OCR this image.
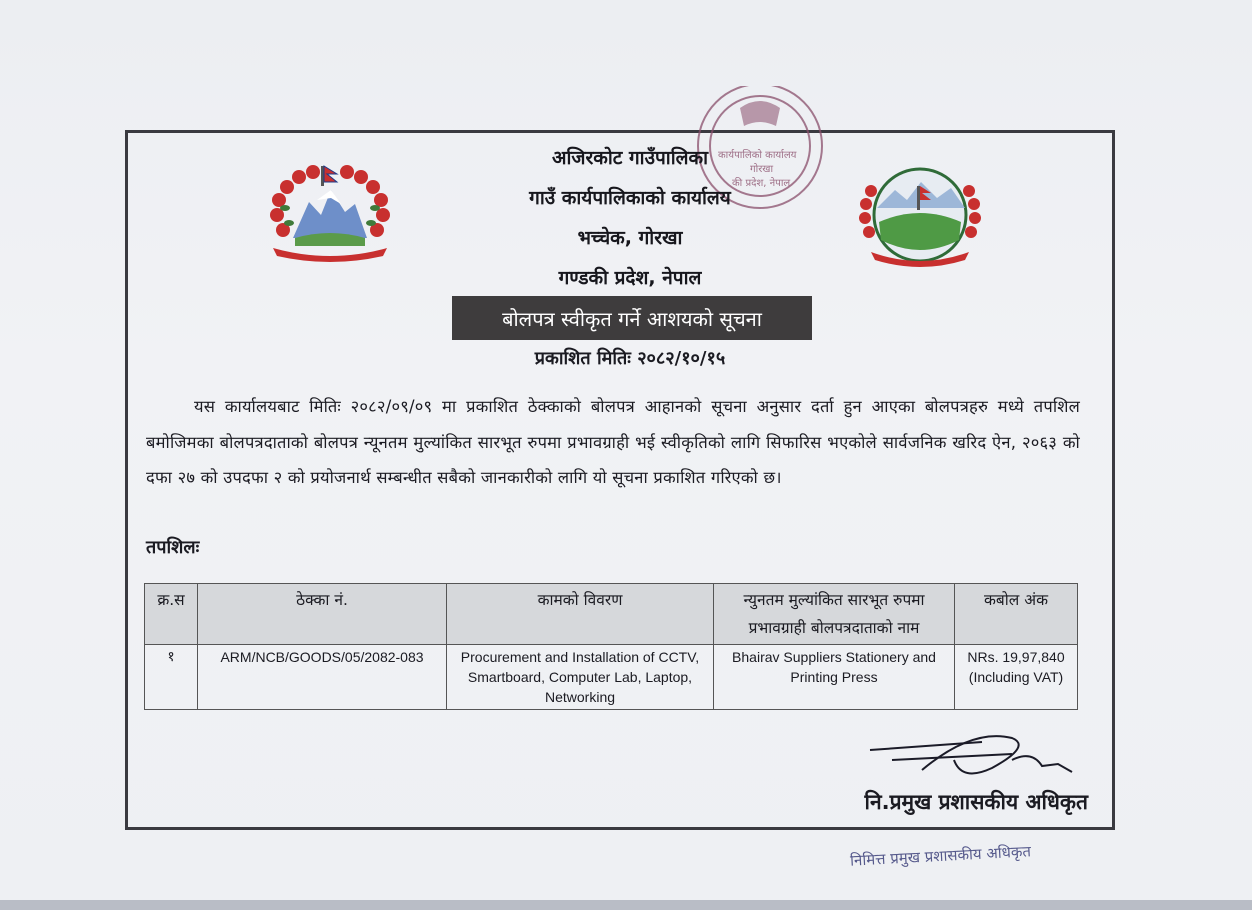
कार्यपालिको कार्यालय
गोरखा
की प्रदेश, नेपाल
अजिरकोट गाउँपालिका
गाउँ कार्यपालिकाको कार्यालय
भच्चेक, गोरखा
गण्डकी प्रदेश, नेपाल
बोलपत्र स्वीकृत गर्ने आशयको सूचना
प्रकाशित मितिः २०८२/१०/१५
यस कार्यालयबाट मितिः २०८२/०९/०९ मा प्रकाशित ठेक्काको बोलपत्र आहानको सूचना अनुसार दर्ता हुन आएका बोलपत्रहरु मध्ये तपशिल बमोजिमका बोलपत्रदाताको बोलपत्र न्यूनतम मुल्यांकित सारभूत रुपमा प्रभावग्राही भई स्वीकृतिको लागि सिफारिस भएकोले सार्वजनिक खरिद ऐन, २०६३ को दफा २७ को उपदफा २ को प्रयोजनार्थ सम्बन्धीत सबैको जानकारीको लागि यो सूचना प्रकाशित गरिएको छ।
तपशिलः
क्र.स	ठेक्का नं.	कामको विवरण	न्युनतम मुल्यांकित सारभूत रुपमा प्रभावग्राही बोलपत्रदाताको नाम	कबोल अंक
१	ARM/NCB/GOODS/05/2082-083	Procurement and Installation of CCTV, Smartboard, Computer Lab, Laptop, Networking	Bhairav Suppliers Stationery and Printing Press	NRs. 19,97,840 (Including VAT)
नि.प्रमुख प्रशासकीय अधिकृत
निमित्त प्रमुख प्रशासकीय अधिकृत
